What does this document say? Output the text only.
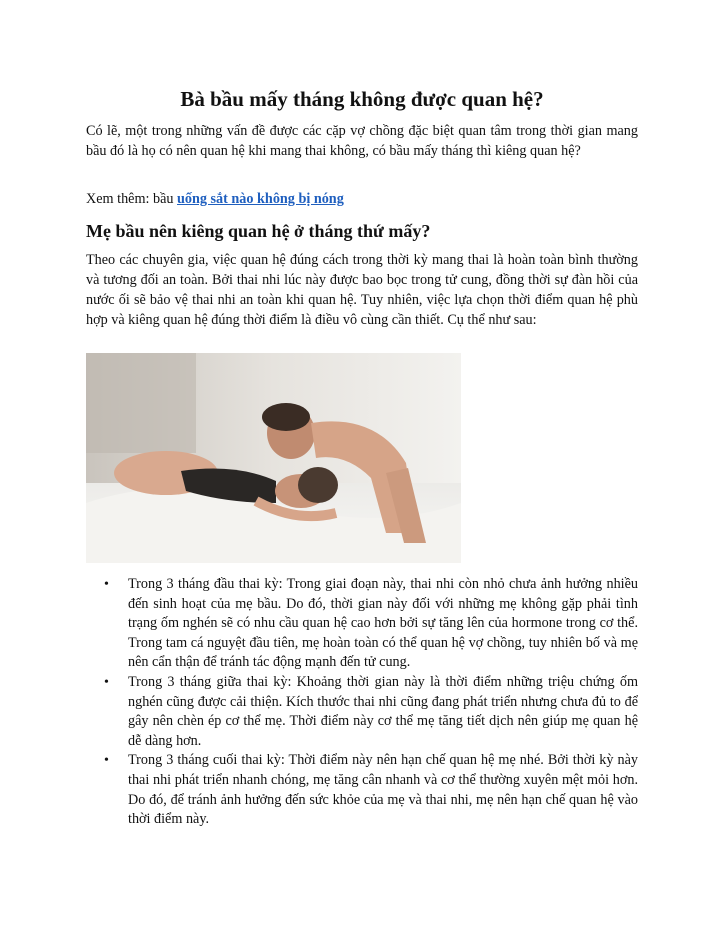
Bà bầu mấy tháng không được quan hệ?

Có lẽ, một trong những vấn đề được các cặp vợ chồng đặc biệt quan tâm trong thời gian mang bầu đó là họ có nên quan hệ khi mang thai không, có bầu mấy tháng thì kiêng quan hệ?

Xem thêm: bầu uống sắt nào không bị nóng

Mẹ bầu nên kiêng quan hệ ở tháng thứ mấy?

Theo các chuyên gia, việc quan hệ đúng cách trong thời kỳ mang thai là hoàn toàn bình thường và tương đối an toàn. Bởi thai nhi lúc này được bao bọc trong tử cung, đồng thời sự đàn hồi của nước ối sẽ bảo vệ thai nhi an toàn khi quan hệ. Tuy nhiên, việc lựa chọn thời điểm quan hệ phù hợp và kiêng quan hệ đúng thời điểm là điều vô cùng cần thiết. Cụ thể như sau:

• Trong 3 tháng đầu thai kỳ: Trong giai đoạn này, thai nhi còn nhỏ chưa ảnh hưởng nhiều đến sinh hoạt của mẹ bầu. Do đó, thời gian này đối với những mẹ không gặp phải tình trạng ốm nghén sẽ có nhu cầu quan hệ cao hơn bởi sự tăng lên của hormone trong cơ thể. Trong tam cá nguyệt đầu tiên, mẹ hoàn toàn có thể quan hệ vợ chồng, tuy nhiên bố và mẹ nên cẩn thận để tránh tác động mạnh đến tử cung.
• Trong 3 tháng giữa thai kỳ: Khoảng thời gian này là thời điểm những triệu chứng ốm nghén cũng được cải thiện. Kích thước thai nhi cũng đang phát triển nhưng chưa đủ to để gây nên chèn ép cơ thể mẹ. Thời điểm này cơ thể mẹ tăng tiết dịch nên giúp mẹ quan hệ dễ dàng hơn.
• Trong 3 tháng cuối thai kỳ: Thời điểm này nên hạn chế quan hệ mẹ nhé. Bởi thời kỳ này thai nhi phát triển nhanh chóng, mẹ tăng cân nhanh và cơ thể thường xuyên mệt mỏi hơn. Do đó, để tránh ảnh hưởng đến sức khỏe của mẹ và thai nhi, mẹ nên hạn chế quan hệ vào thời điểm này.
